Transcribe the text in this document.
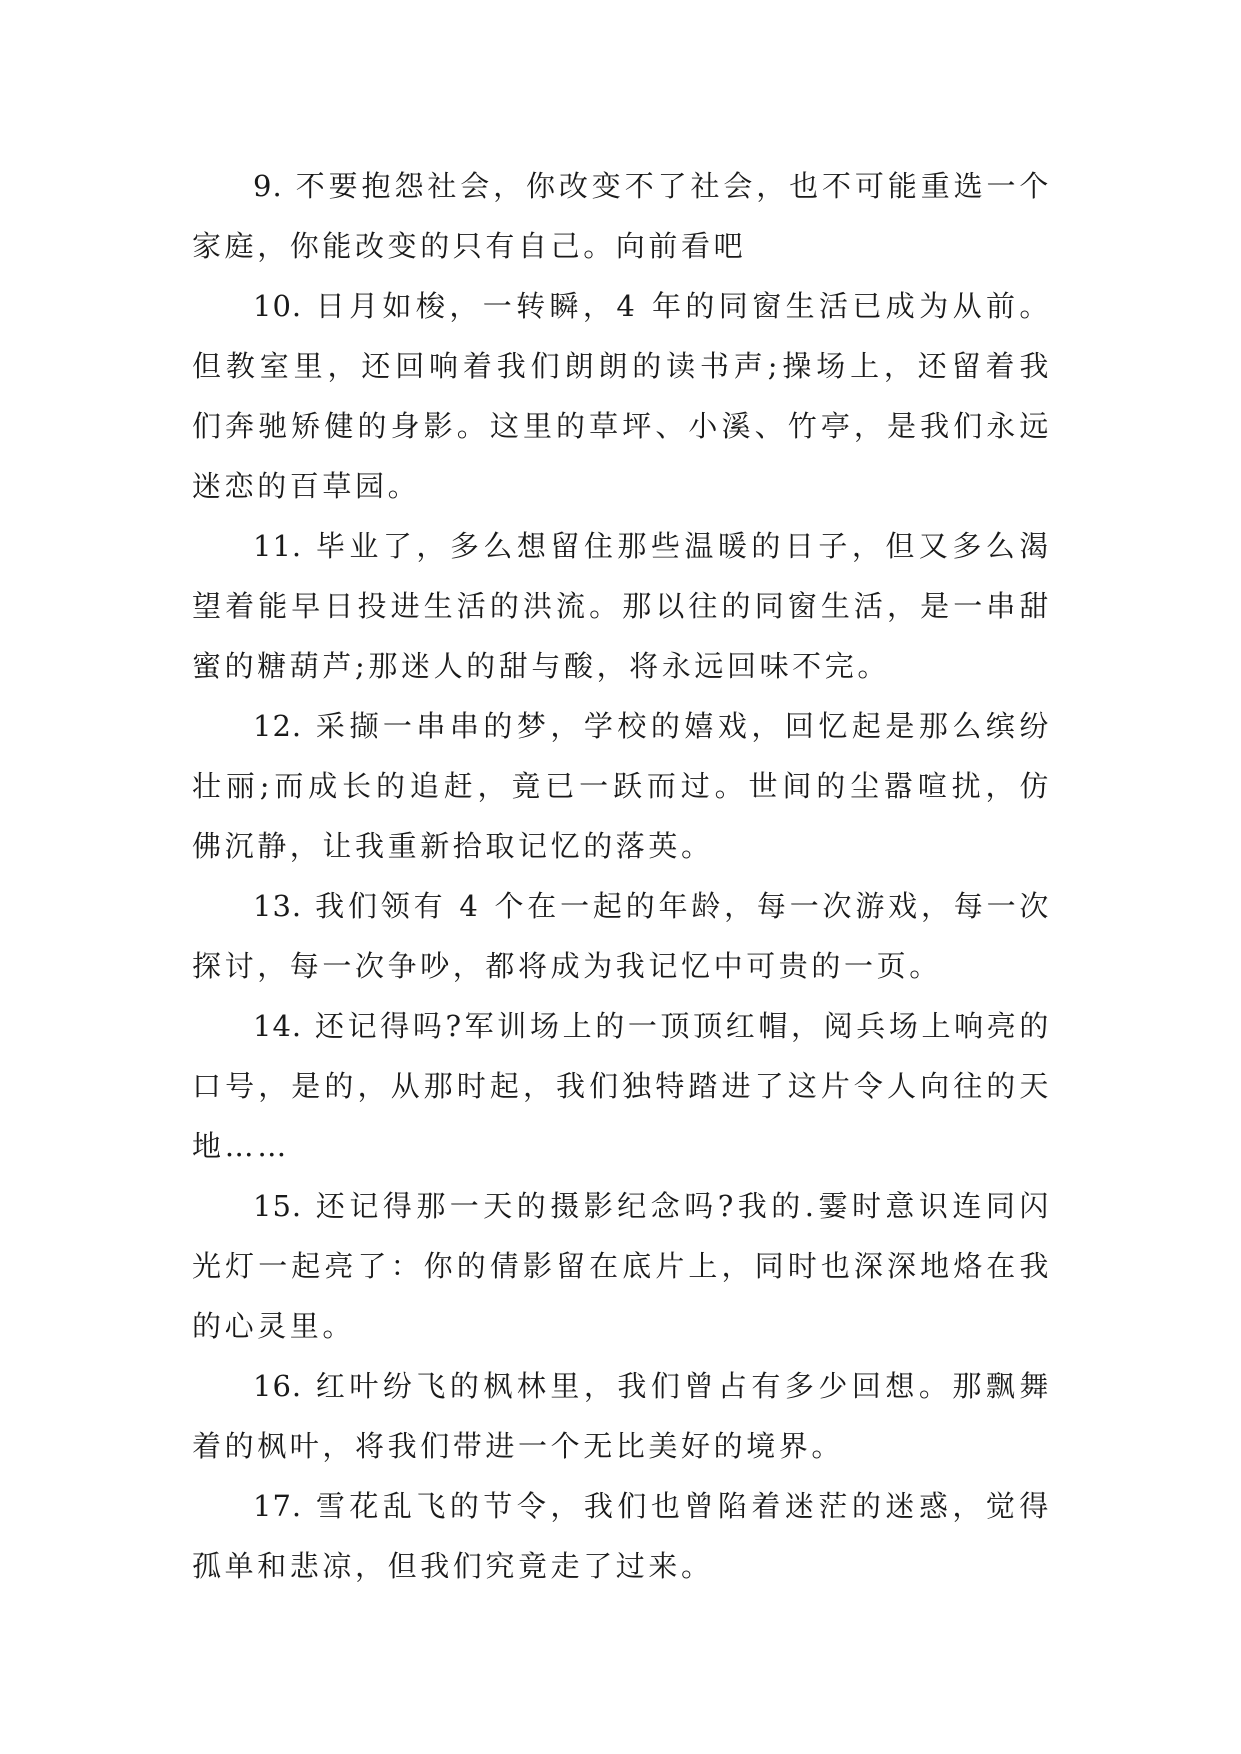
9. 不要抱怨社会，你改变不了社会，也不可能重选一个家庭，你能改变的只有自己。向前看吧

10. 日月如梭，一转瞬，4 年的同窗生活已成为从前。但教室里，还回响着我们朗朗的读书声;操场上，还留着我们奔驰矫健的身影。这里的草坪、小溪、竹亭，是我们永远迷恋的百草园。

11. 毕业了，多么想留住那些温暖的日子，但又多么渴望着能早日投进生活的洪流。那以往的同窗生活，是一串甜蜜的糖葫芦;那迷人的甜与酸，将永远回味不完。

12. 采撷一串串的梦，学校的嬉戏，回忆起是那么缤纷壮丽;而成长的追赶，竟已一跃而过。世间的尘嚣喧扰，仿佛沉静，让我重新拾取记忆的落英。

13. 我们领有 4 个在一起的年龄，每一次游戏，每一次探讨，每一次争吵，都将成为我记忆中可贵的一页。

14. 还记得吗?军训场上的一顶顶红帽，阅兵场上响亮的口号，是的，从那时起，我们独特踏进了这片令人向往的天地……

15. 还记得那一天的摄影纪念吗?我的.霎时意识连同闪光灯一起亮了：你的倩影留在底片上，同时也深深地烙在我的心灵里。

16. 红叶纷飞的枫林里，我们曾占有多少回想。那飘舞着的枫叶，将我们带进一个无比美好的境界。

17. 雪花乱飞的节令，我们也曾陷着迷茫的迷惑，觉得孤单和悲凉，但我们究竟走了过来。
